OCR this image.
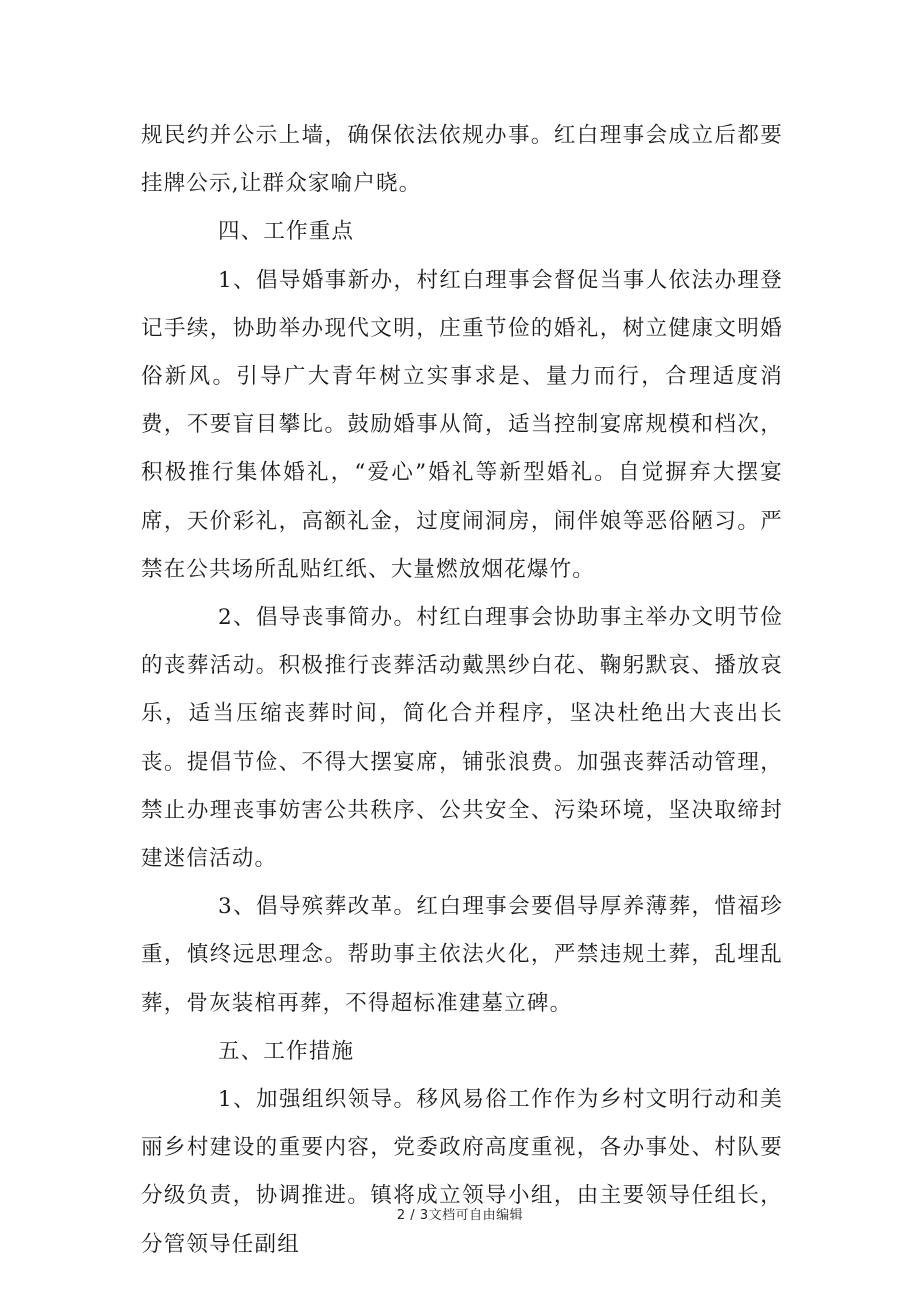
规民约并公示上墙，确保依法依规办事。红白理事会成立后都要挂牌公示,让群众家喻户晓。

四、工作重点

1、倡导婚事新办，村红白理事会督促当事人依法办理登记手续，协助举办现代文明，庄重节俭的婚礼，树立健康文明婚俗新风。引导广大青年树立实事求是、量力而行，合理适度消费，不要盲目攀比。鼓励婚事从简，适当控制宴席规模和档次，积极推行集体婚礼，“爱心”婚礼等新型婚礼。自觉摒弃大摆宴席，天价彩礼，高额礼金，过度闹洞房，闹伴娘等恶俗陋习。严禁在公共场所乱贴红纸、大量燃放烟花爆竹。

2、倡导丧事简办。村红白理事会协助事主举办文明节俭的丧葬活动。积极推行丧葬活动戴黑纱白花、鞠躬默哀、播放哀乐，适当压缩丧葬时间，简化合并程序，坚决杜绝出大丧出长丧。提倡节俭、不得大摆宴席，铺张浪费。加强丧葬活动管理，禁止办理丧事妨害公共秩序、公共安全、污染环境，坚决取缔封建迷信活动。

3、倡导殡葬改革。红白理事会要倡导厚养薄葬，惜福珍重，慎终远思理念。帮助事主依法火化，严禁违规土葬，乱埋乱葬，骨灰装棺再葬，不得超标准建墓立碑。

五、工作措施

1、加强组织领导。移风易俗工作作为乡村文明行动和美丽乡村建设的重要内容，党委政府高度重视，各办事处、村队要分级负责，协调推进。镇将成立领导小组，由主要领导任组长，分管领导任副组

2 / 3文档可自由编辑
